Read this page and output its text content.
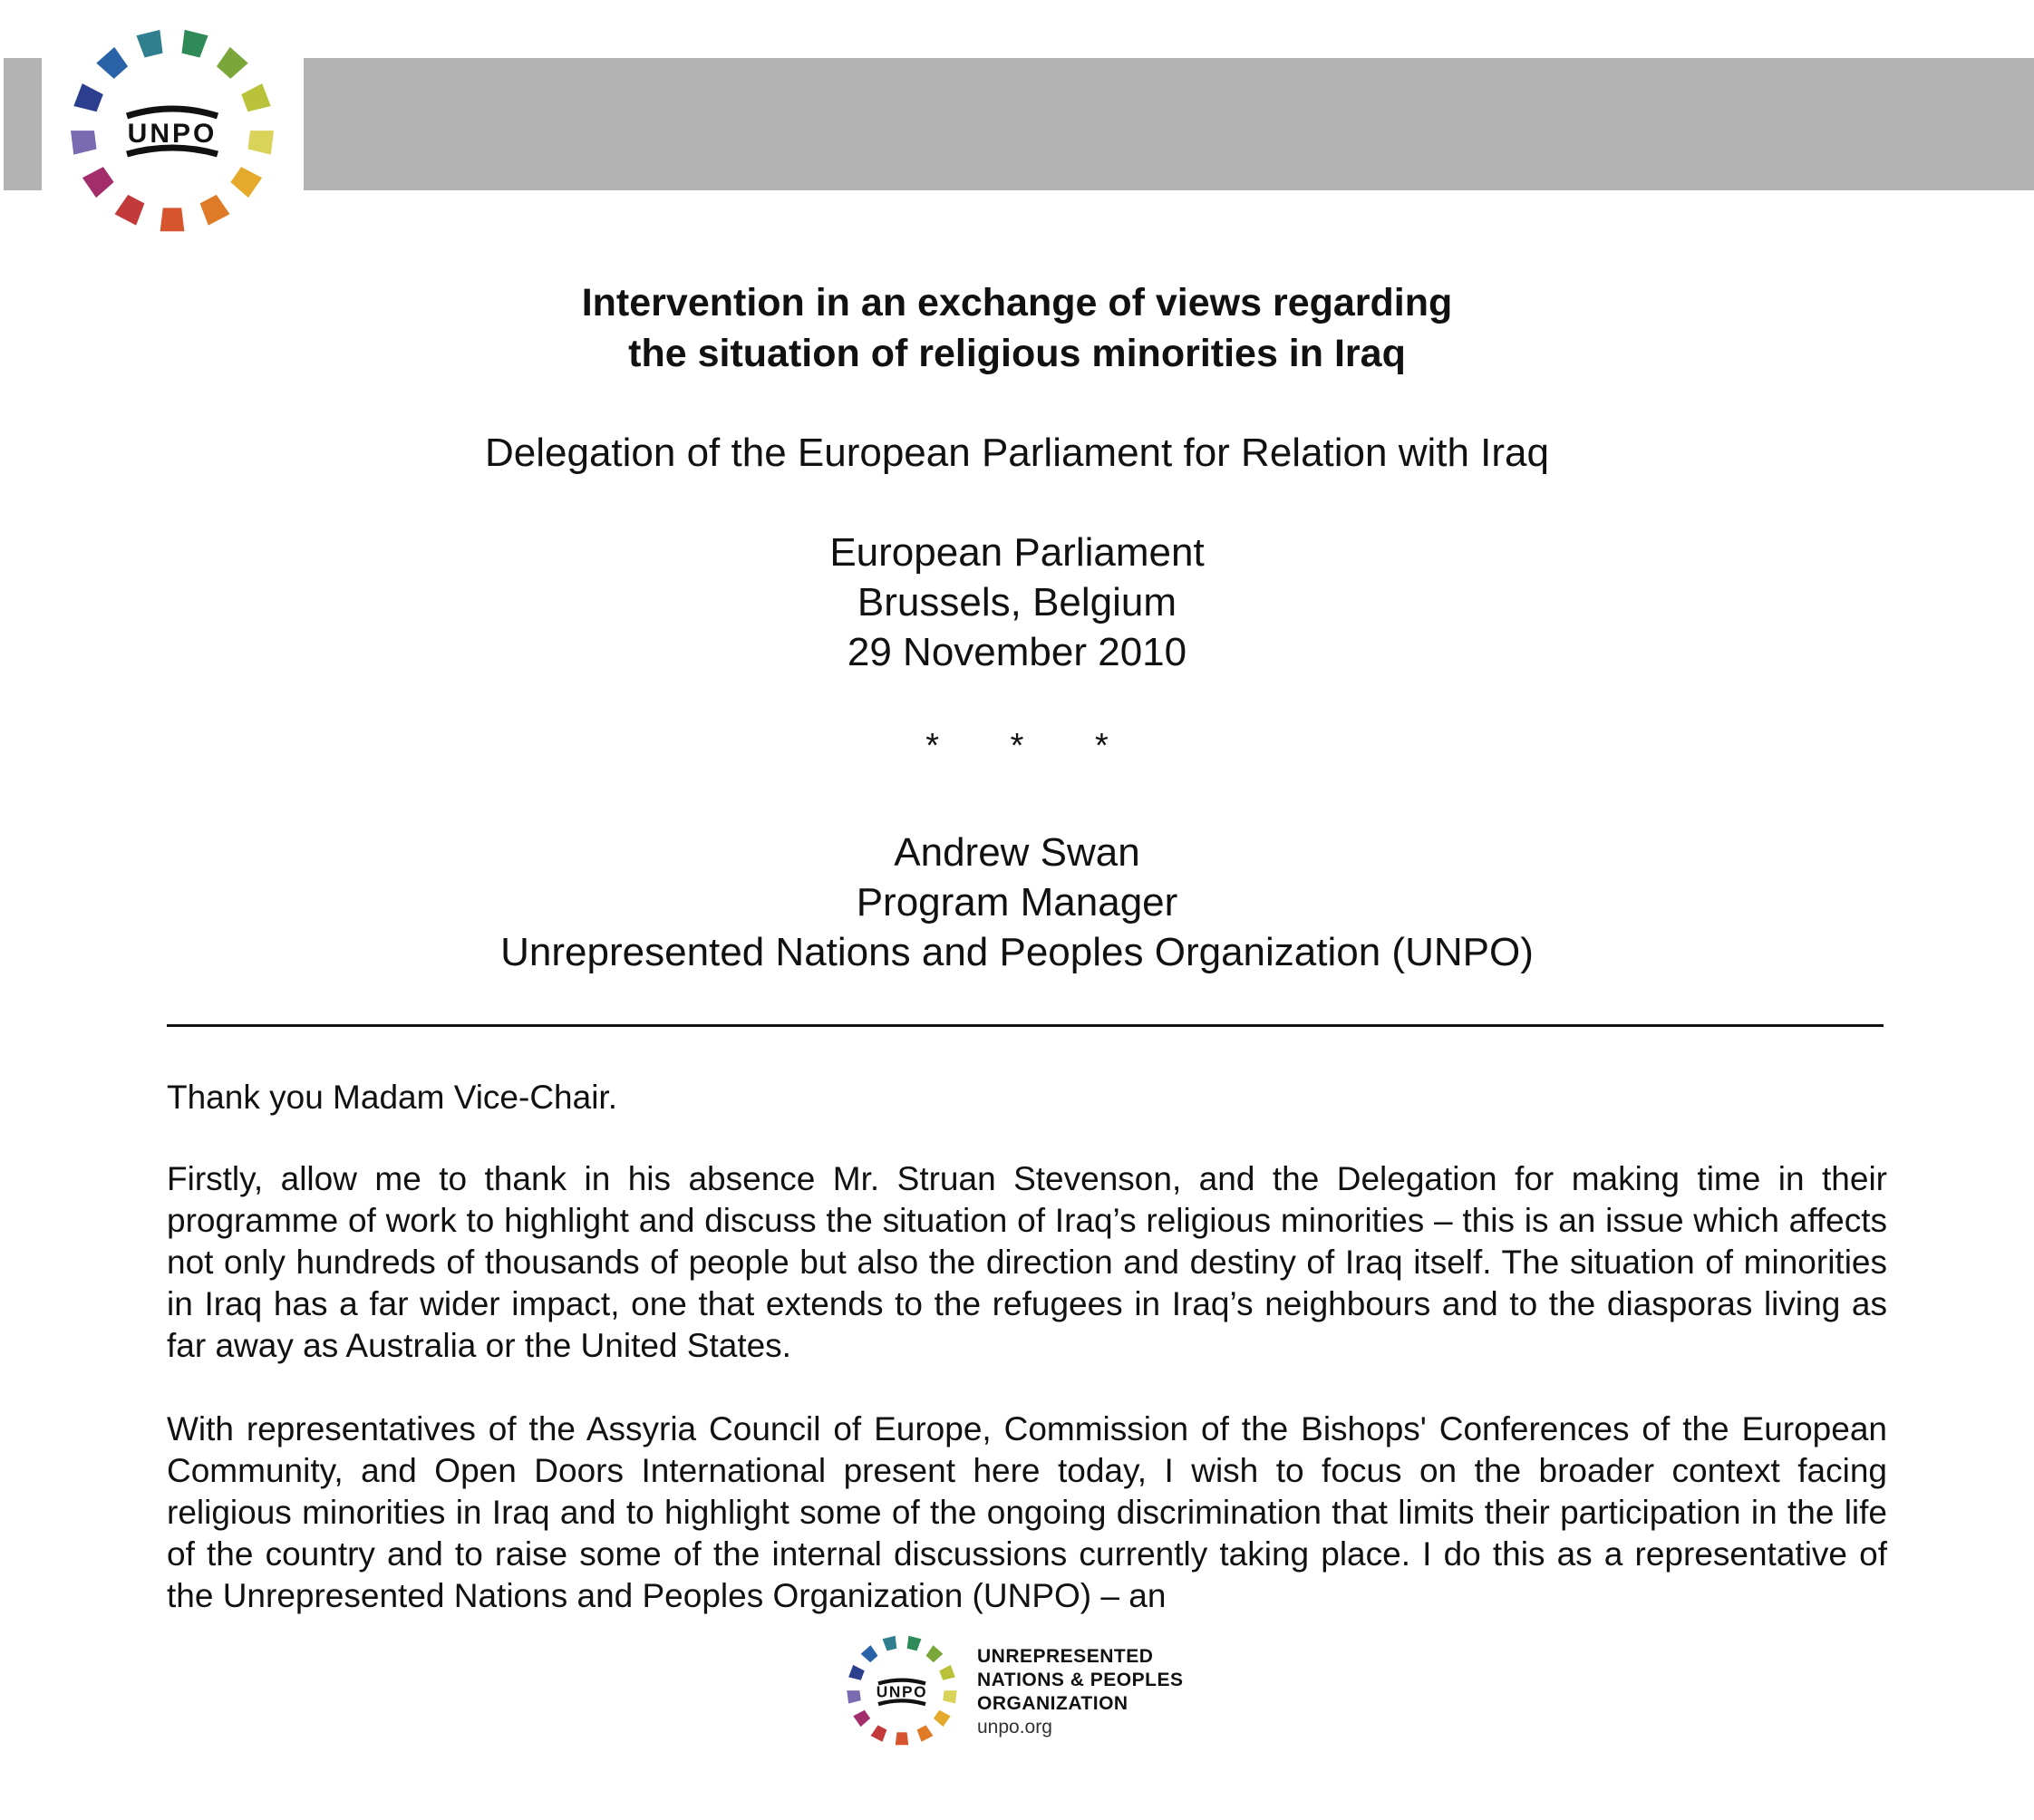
UNPO
Intervention in an exchange of views regarding
the situation of religious minorities in Iraq
Delegation of the European Parliament for Relation with Iraq
European Parliament
Brussels, Belgium
29 November 2010
* * *
Andrew Swan
Program Manager
Unrepresented Nations and Peoples Organization (UNPO)
Thank you Madam Vice-Chair.
Firstly, allow me to thank in his absence Mr. Struan Stevenson, and the Delegation for making time in their programme of work to highlight and discuss the situation of Iraq’s religious minorities – this is an issue which affects not only hundreds of thousands of people but also the direction and destiny of Iraq itself. The situation of minorities in Iraq has a far wider impact, one that extends to the refugees in Iraq’s neighbours and to the diasporas living as far away as Australia or the United States.
With representatives of the Assyria Council of Europe, Commission of the Bishops' Conferences of the European Community, and Open Doors International present here today, I wish to focus on the broader context facing religious minorities in Iraq and to highlight some of the ongoing discrimination that limits their participation in the life of the country and to raise some of the internal discussions currently taking place. I do this as a representative of the Unrepresented Nations and Peoples Organization (UNPO) – an
UNPO
UNREPRESENTED
NATIONS & PEOPLES
ORGANIZATION
unpo.org
